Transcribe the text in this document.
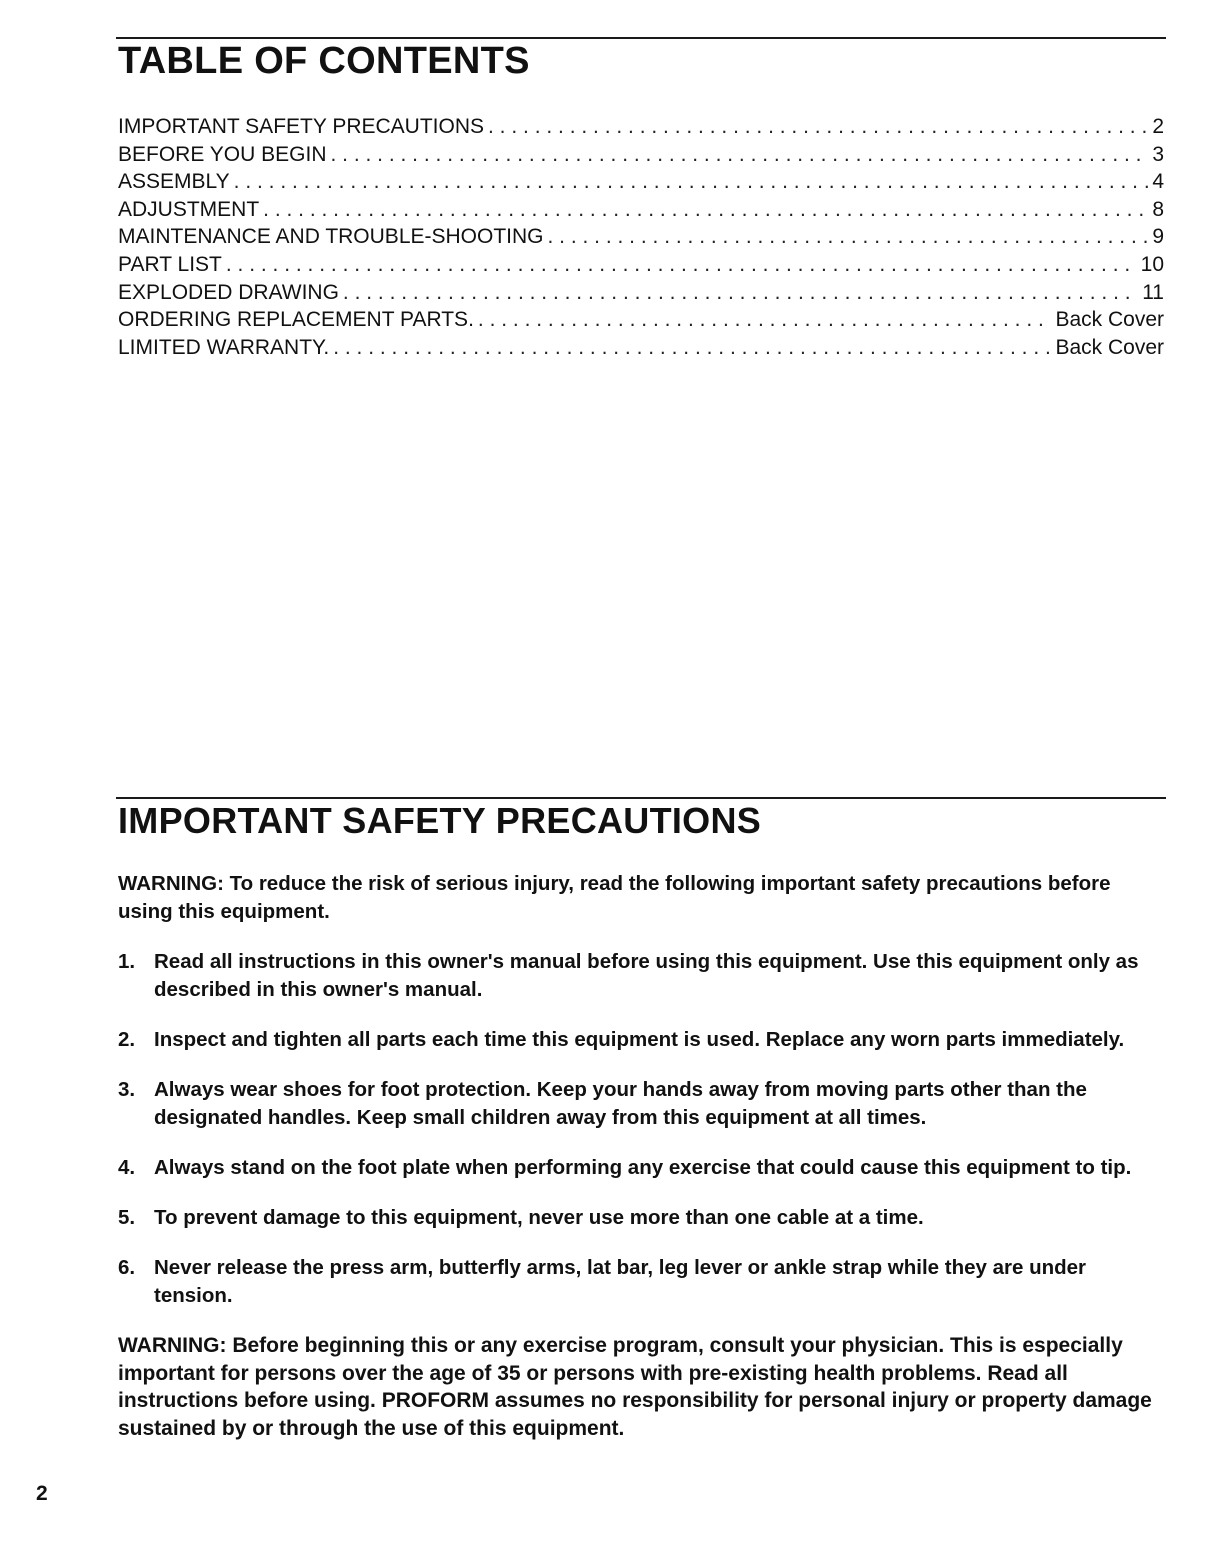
TABLE OF CONTENTS
IMPORTANT SAFETY PRECAUTIONS . . .	2
BEFORE YOU BEGIN . . .	3
ASSEMBLY . . .	4
ADJUSTMENT . . .	8
MAINTENANCE AND TROUBLE-SHOOTING . . .	9
PART LIST . . .	10
EXPLODED DRAWING . . .	11
ORDERING REPLACEMENT PARTS. . . .	Back Cover
LIMITED WARRANTY. . . .	Back Cover
IMPORTANT SAFETY PRECAUTIONS

WARNING: To reduce the risk of serious injury, read the following important safety precautions before using this equipment.

1. Read all instructions in this owner's manual before using this equipment. Use this equipment only as described in this owner's manual.
2. Inspect and tighten all parts each time this equipment is used. Replace any worn parts immediately.
3. Always wear shoes for foot protection. Keep your hands away from moving parts other than the designated handles. Keep small children away from this equipment at all times.
4. Always stand on the foot plate when performing any exercise that could cause this equipment to tip.
5. To prevent damage to this equipment, never use more than one cable at a time.
6. Never release the press arm, butterfly arms, lat bar, leg lever or ankle strap while they are under tension.

WARNING: Before beginning this or any exercise program, consult your physician. This is especially important for persons over the age of 35 or persons with pre-existing health problems. Read all instructions before using. PROFORM assumes no responsibility for personal injury or property damage sustained by or through the use of this equipment.

2
